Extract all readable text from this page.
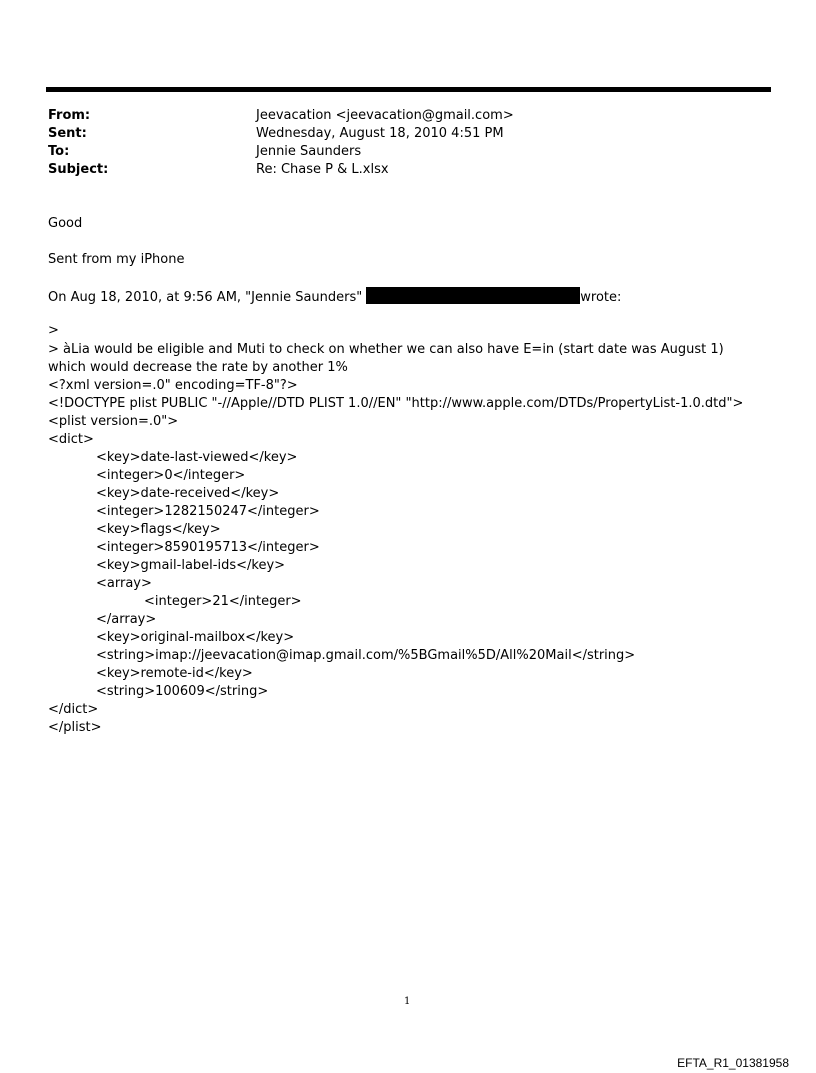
From:	Jeevacation <jeevacation@gmail.com>
Sent:	Wednesday, August 18, 2010 4:51 PM
To:	Jennie Saunders
Subject:	Re: Chase P & L.xlsx
Good
Sent from my iPhone
On Aug 18, 2010, at 9:56 AM, "Jennie Saunders"	wrote:
>
> àLia would be eligible and Muti to check on whether we can also have E=in (start date was August 1) which would decrease the rate by another 1%
<?xml version=.0" encoding=TF-8"?>
<!DOCTYPE plist PUBLIC "-//Apple//DTD PLIST 1.0//EN" "http://www.apple.com/DTDs/PropertyList-1.0.dtd">
<plist version=.0">
<dict>
<key>date-last-viewed</key>
<integer>0</integer>
<key>date-received</key>
<integer>1282150247</integer>
<key>flags</key>
<integer>8590195713</integer>
<key>gmail-label-ids</key>
<array>
<integer>21</integer>
</array>
<key>original-mailbox</key>
<string>imap://jeevacation@imap.gmail.com/%5BGmail%5D/All%20Mail</string>
<key>remote-id</key>
<string>100609</string>
</dict>
</plist>
1
EFTA_R1_01381958
